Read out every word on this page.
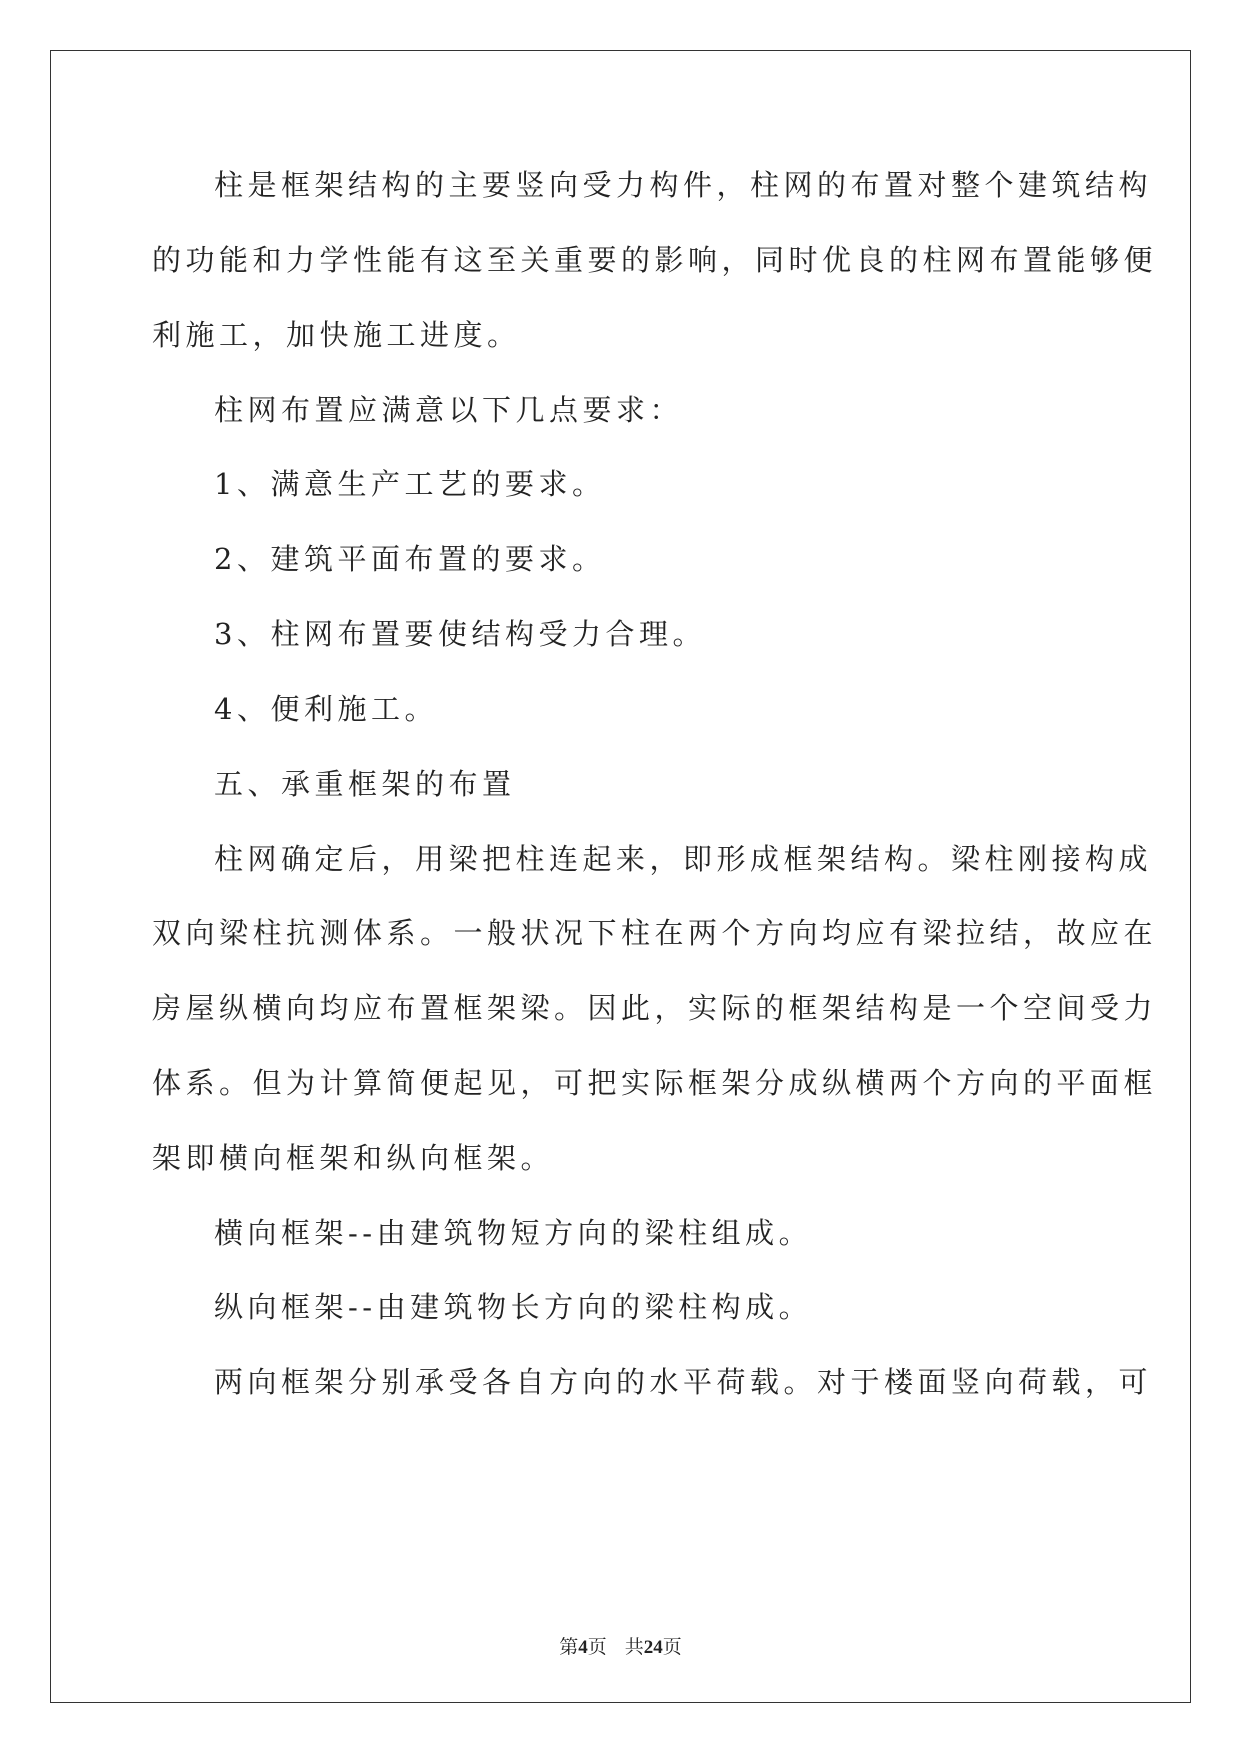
柱是框架结构的主要竖向受力构件，柱网的布置对整个建筑结构
的功能和力学性能有这至关重要的影响，同时优良的柱网布置能够便
利施工，加快施工进度。
柱网布置应满意以下几点要求：
1、满意生产工艺的要求。
2、建筑平面布置的要求。
3、柱网布置要使结构受力合理。
4、便利施工。
五、承重框架的布置
柱网确定后，用梁把柱连起来，即形成框架结构。梁柱刚接构成
双向梁柱抗测体系。一般状况下柱在两个方向均应有梁拉结，故应在
房屋纵横向均应布置框架梁。因此，实际的框架结构是一个空间受力
体系。但为计算简便起见，可把实际框架分成纵横两个方向的平面框
架即横向框架和纵向框架。
横向框架--由建筑物短方向的梁柱组成。
纵向框架--由建筑物长方向的梁柱构成。
两向框架分别承受各自方向的水平荷载。对于楼面竖向荷载，可
第4页 共24页
